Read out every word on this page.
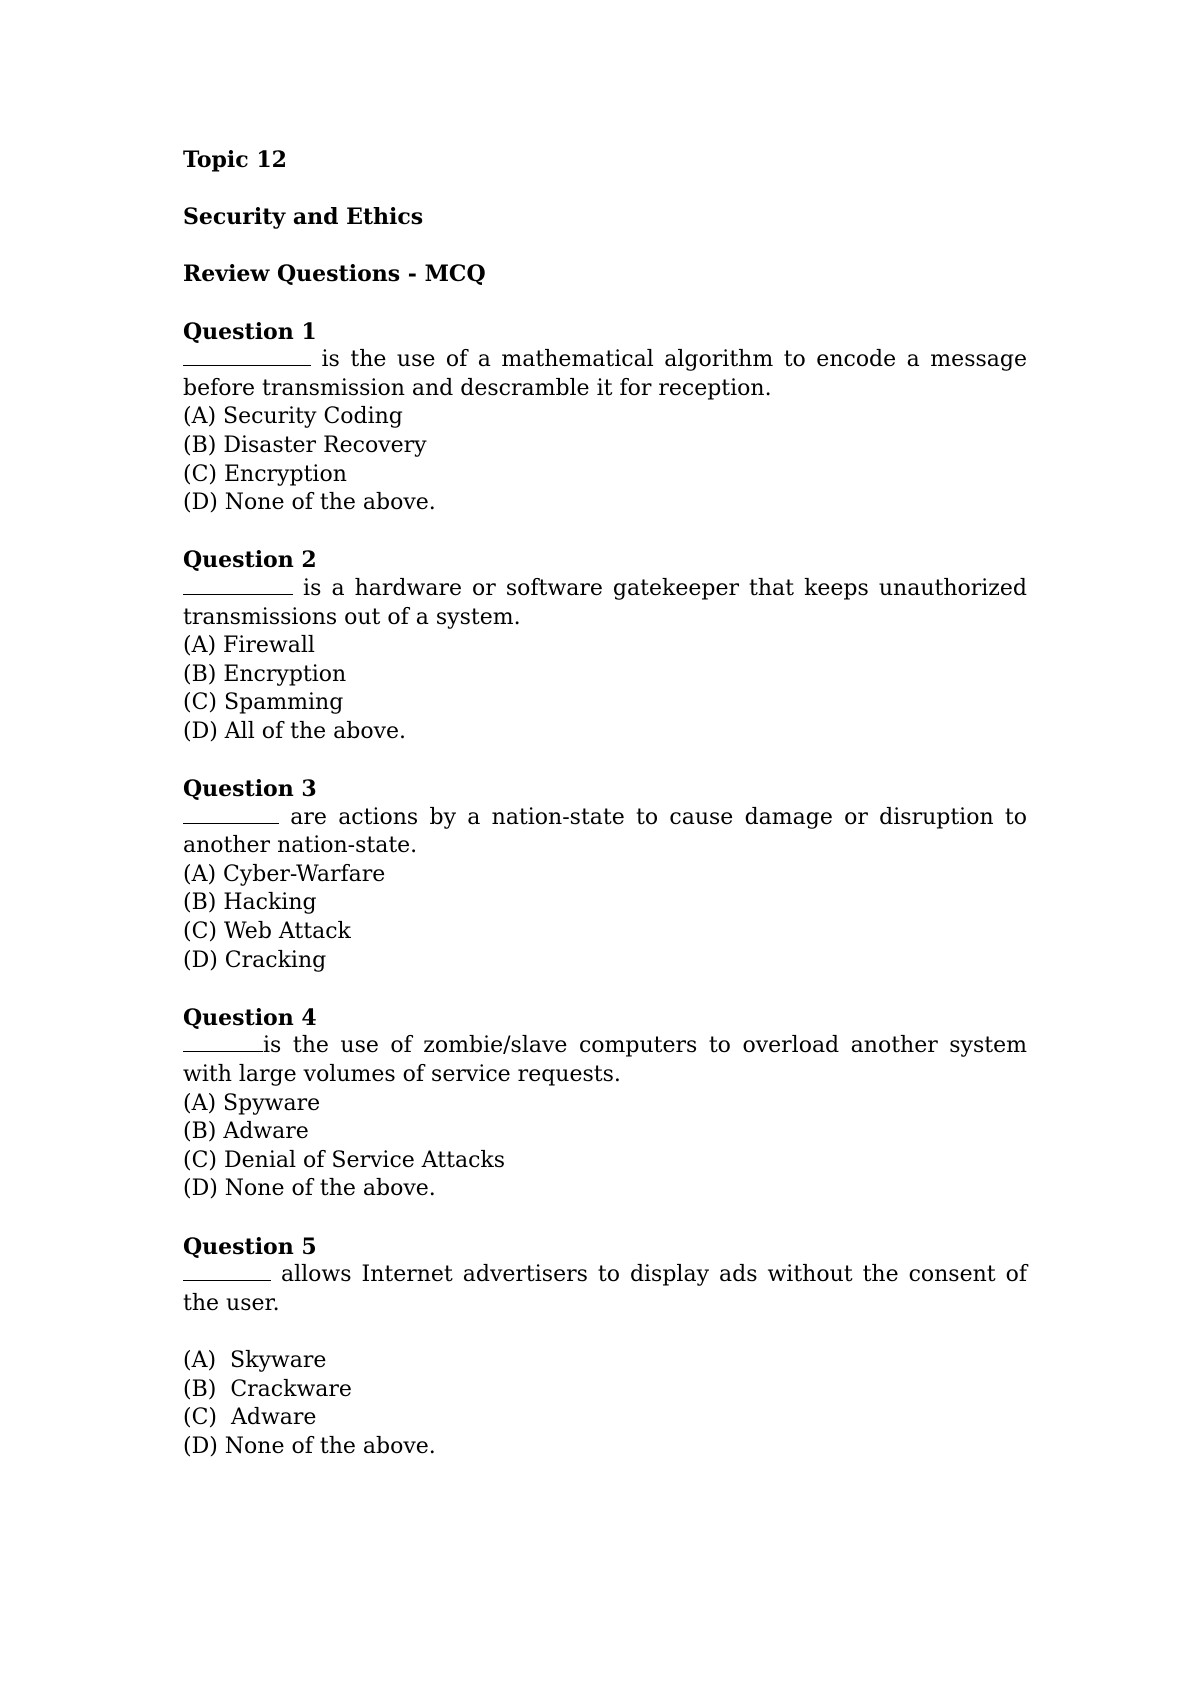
Topic 12
Security and Ethics
Review Questions - MCQ
Question 1
is the use of a mathematical algorithm to encode a message before transmission and descramble it for reception.
(A) Security Coding
(B) Disaster Recovery
(C) Encryption
(D) None of the above.
Question 2
is a hardware or software gatekeeper that keeps unauthorized transmissions out of a system.
(A) Firewall
(B) Encryption
(C) Spamming
(D) All of the above.
Question 3
are actions by a nation-state to cause damage or disruption to another nation-state.
(A) Cyber-Warfare
(B) Hacking
(C) Web Attack
(D) Cracking
Question 4
is the use of zombie/slave computers to overload another system with large volumes of service requests.
(A) Spyware
(B) Adware
(C) Denial of Service Attacks
(D) None of the above.
Question 5
allows Internet advertisers to display ads without the consent of the user.
(A)  Skyware
(B)  Crackware
(C)  Adware
(D) None of the above.
